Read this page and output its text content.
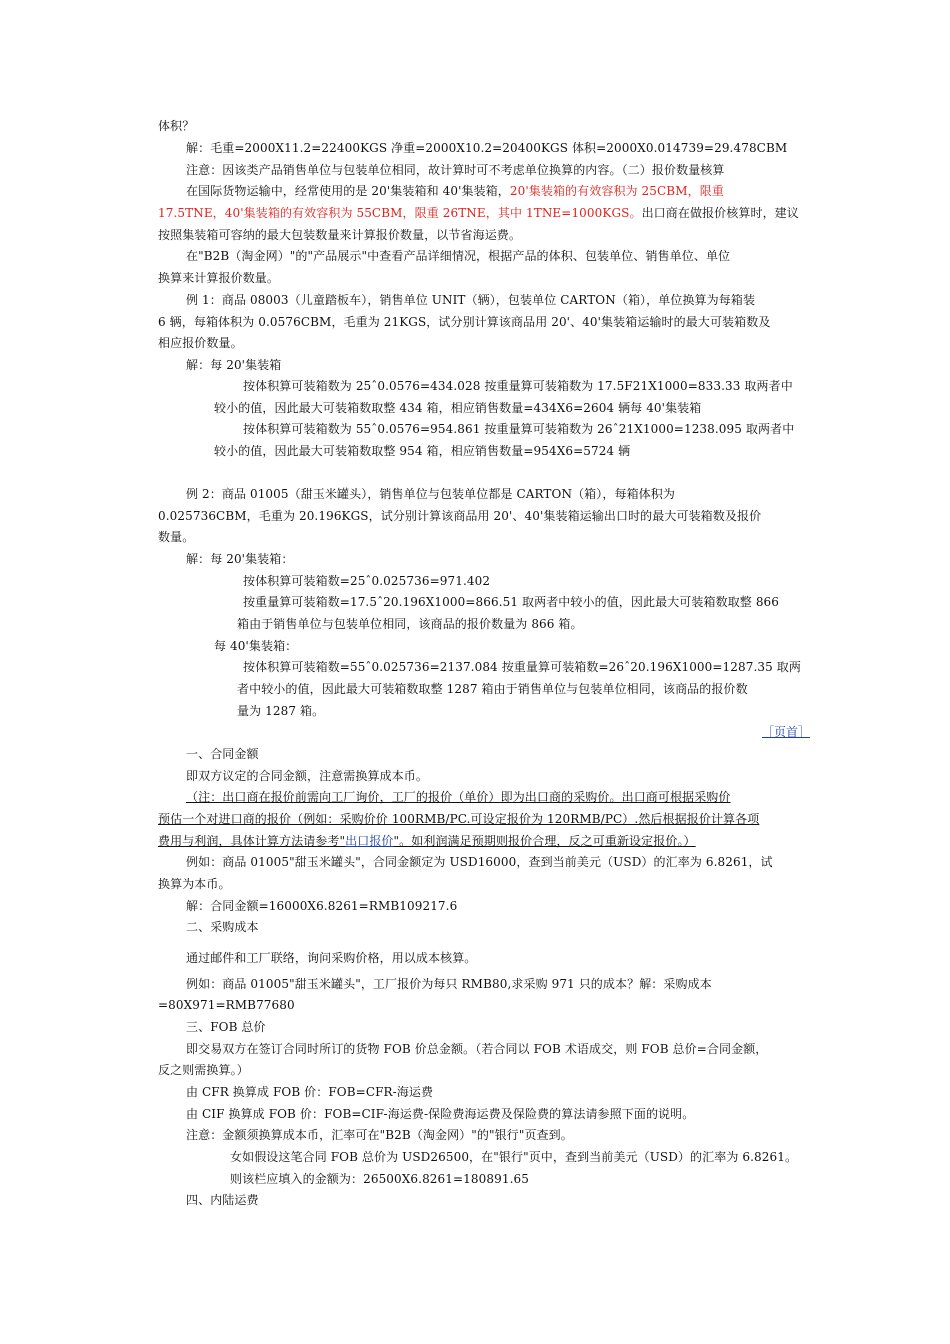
体积？
解：毛重=2000X11.2=22400KGS 净重=2000X10.2=20400KGS 体积=2000X0.014739=29.478CBM
注意：因该类产品销售单位与包装单位相同，故计算时可不考虑单位换算的内容。（二）报价数量核算
在国际货物运输中，经常使用的是 20'集装箱和 40'集装箱，20'集装箱的有效容积为 25CBM，限重
17.5TNE，40'集装箱的有效容积为 55CBM，限重 26TNE，其中 1TNE=1000KGS。出口商在做报价核算时，建议
按照集装箱可容纳的最大包装数量来计算报价数量，以节省海运费。
在"B2B（淘金网）"的"产品展示"中查看产品详细情况，根据产品的体积、包装单位、销售单位、单位
换算来计算报价数量。
例 1：商品 08003（儿童踏板车），销售单位 UNIT（辆），包装单位 CARTON（箱），单位换算为每箱装
6 辆，每箱体积为 0.0576CBM，毛重为 21KGS，试分别计算该商品用 20'、40'集装箱运输时的最大可装箱数及
相应报价数量。
解：每 20'集装箱
按体积算可装箱数为 25ˆ0.0576=434.028 按重量算可装箱数为 17.5F21X1000=833.33 取两者中
较小的值，因此最大可装箱数取整 434 箱，相应销售数量=434X6=2604 辆每 40'集装箱
按体积算可装箱数为 55ˆ0.0576=954.861 按重量算可装箱数为 26ˆ21X1000=1238.095 取两者中
较小的值，因此最大可装箱数取整 954 箱，相应销售数量=954X6=5724 辆
例 2：商品 01005（甜玉米罐头），销售单位与包装单位都是 CARTON（箱），每箱体积为
0.025736CBM，毛重为 20.196KGS，试分别计算该商品用 20'、40'集装箱运输出口时的最大可装箱数及报价
数量。
解：每 20'集装箱：
按体积算可装箱数=25ˆ0.025736=971.402
按重量算可装箱数=17.5ˆ20.196X1000=866.51 取两者中较小的值，因此最大可装箱数取整 866
箱由于销售单位与包装单位相同，该商品的报价数量为 866 箱。
每 40'集装箱：
按体积算可装箱数=55ˆ0.025736=2137.084 按重量算可装箱数=26ˆ20.196X1000=1287.35 取两
者中较小的值，因此最大可装箱数取整 1287 箱由于销售单位与包装单位相同，该商品的报价数
量为 1287 箱。
［页首］
一、合同金额
即双方议定的合同金额，注意需换算成本币。
（注：出口商在报价前需向工厂询价，工厂的报价（单价）即为出口商的采购价。出口商可根据采购价
预估一个对进口商的报价（例如：采购价价 100RMB/PC.可设定报价为 120RMB/PC）.然后根据报价计算各项
费用与利润，具体计算方法请参考"出口报价"。如利润满足预期则报价合理，反之可重新设定报价。）
例如：商品 01005"甜玉米罐头"，合同金额定为 USD16000，查到当前美元（USD）的汇率为 6.8261，试
换算为本币。
解：合同金额=16000X6.8261=RMB109217.6
二、采购成本
通过邮件和工厂联络，询问采购价格，用以成本核算。
例如：商品 01005"甜玉米罐头"，工厂报价为每只 RMB80,求采购 971 只的成本？解：采购成本
=80X971=RMB77680
三、FOB 总价
即交易双方在签订合同时所订的货物 FOB 价总金额。（若合同以 FOB 术语成交，则 FOB 总价=合同金额，
反之则需换算。）
由 CFR 换算成 FOB 价：FOB=CFR-海运费
由 CIF 换算成 FOB 价：FOB=CIF-海运费-保险费海运费及保险费的算法请参照下面的说明。
注意：金额须换算成本币，汇率可在"B2B（淘金网）"的"银行"页查到。
女如假设这笔合同 FOB 总价为 USD26500，在"银行"页中，查到当前美元（USD）的汇率为 6.8261。
则该栏应填入的金额为：26500X6.8261=180891.65
四、内陆运费
